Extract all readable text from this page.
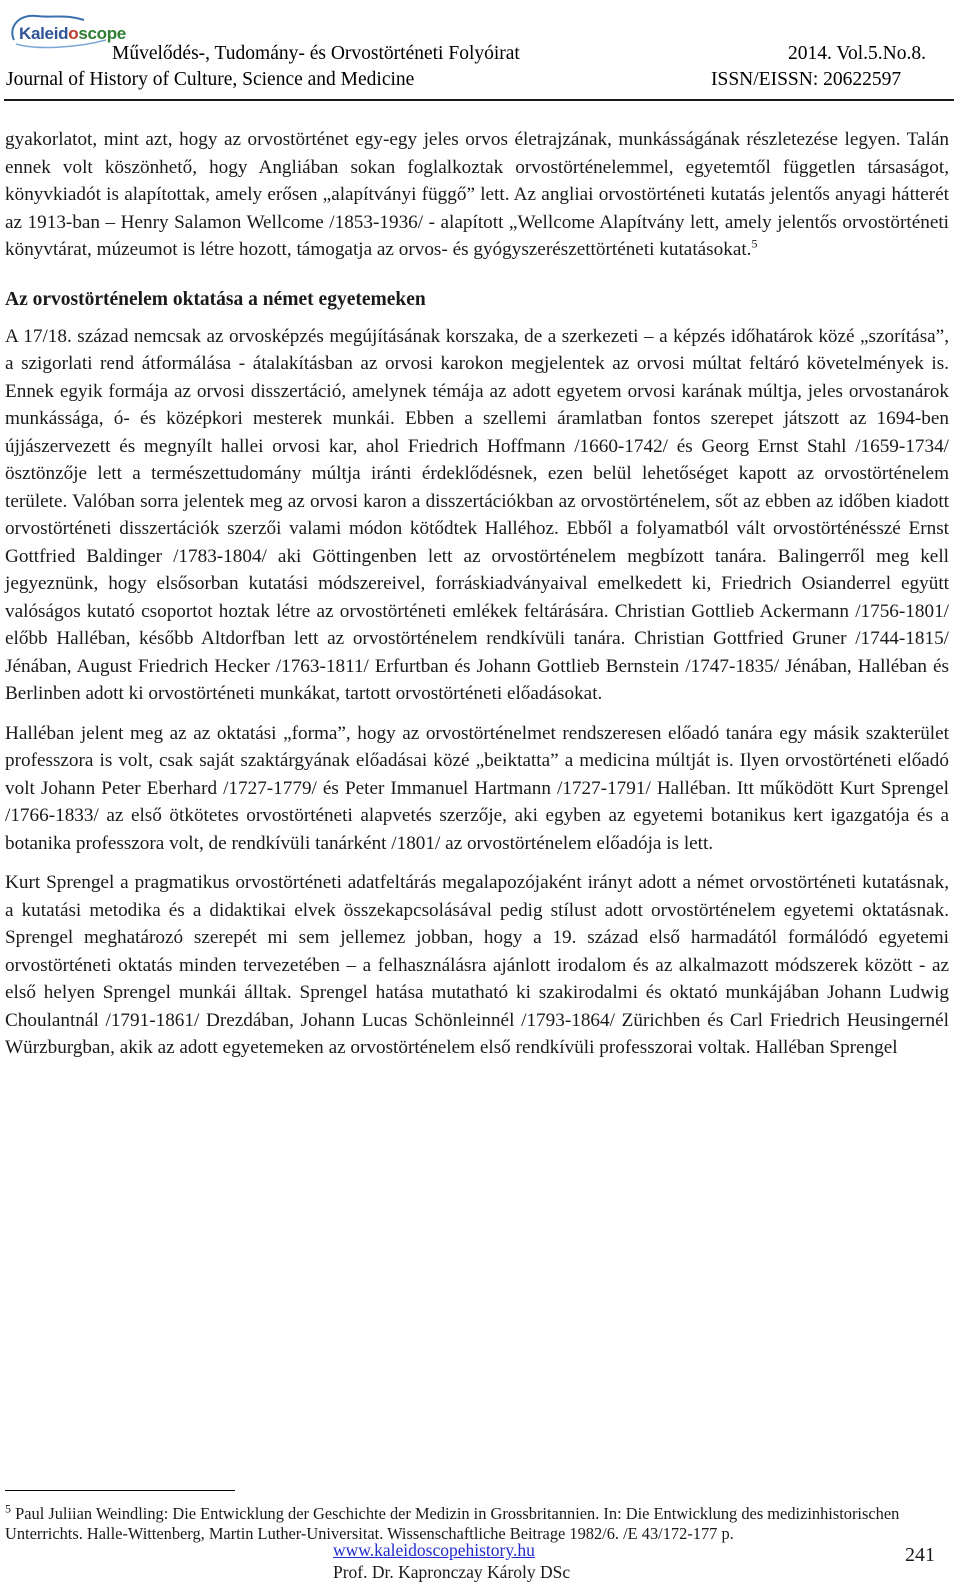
Kaleidoscope
Művelődés-, Tudomány- és Orvostörténeti Folyóirat
Journal of History of Culture, Science and Medicine
2014. Vol.5.No.8.
ISSN/EISSN: 20622597

gyakorlatot, mint azt, hogy az orvostörténet egy-egy jeles orvos életrajzának, munkásságának részletezése legyen. Talán ennek volt köszönhető, hogy Angliában sokan foglalkoztak orvostörténelemmel, egyetemtől független társaságot, könyvkiadót is alapítottak, amely erősen „alapítványi függő” lett. Az angliai orvostörténeti kutatás jelentős anyagi hátterét az 1913-ban – Henry Salamon Wellcome /1853-1936/ - alapított „Wellcome Alapítvány lett, amely jelentős orvostörténeti könyvtárat, múzeumot is létre hozott, támogatja az orvos- és gyógyszerészettörténeti kutatásokat.$^5$

Az orvostörténelem oktatása a német egyetemeken

A 17/18. század nemcsak az orvosképzés megújításának korszaka, de a szerkezeti – a képzés időhatárok közé „szorítása”, a szigorlati rend átformálása - átalakításban az orvosi karokon megjelentek az orvosi múltat feltáró követelmények is. Ennek egyik formája az orvosi disszertáció, amelynek témája az adott egyetem orvosi karának múltja, jeles orvostanárok munkássága, ó- és középkori mesterek munkái. Ebben a szellemi áramlatban fontos szerepet játszott az 1694-ben újjászervezett és megnyílt hallei orvosi kar, ahol Friedrich Hoffmann /1660-1742/ és Georg Ernst Stahl /1659-1734/ ösztönzője lett a természettudomány múltja iránti érdeklődésnek, ezen belül lehetőséget kapott az orvostörténelem területe. Valóban sorra jelentek meg az orvosi karon a disszertációkban az orvostörténelem, sőt az ebben az időben kiadott orvostörténeti disszertációk szerzői valami módon kötődtek Halléhoz. Ebből a folyamatból vált orvostörténésszé Ernst Gottfried Baldinger /1783-1804/ aki Göttingenben lett az orvostörténelem megbízott tanára. Balingerről meg kell jegyeznünk, hogy elsősorban kutatási módszereivel, forráskiadványaival emelkedett ki, Friedrich Osianderrel együtt valóságos kutató csoportot hoztak létre az orvostörténeti emlékek feltárására. Christian Gottlieb Ackermann /1756-1801/ előbb Halléban, később Altdorfban lett az orvostörténelem rendkívüli tanára. Christian Gottfried Gruner /1744-1815/ Jénában, August Friedrich Hecker /1763-1811/ Erfurtban és Johann Gottlieb Bernstein /1747-1835/ Jénában, Halléban és Berlinben adott ki orvostörténeti munkákat, tartott orvostörténeti előadásokat.

Halléban jelent meg az az oktatási „forma”, hogy az orvostörténelmet rendszeresen előadó tanára egy másik szakterület professzora is volt, csak saját szaktárgyának előadásai közé „beiktatta” a medicina múltját is. Ilyen orvostörténeti előadó volt Johann Peter Eberhard /1727-1779/ és Peter Immanuel Hartmann /1727-1791/ Halléban. Itt működött Kurt Sprengel /1766-1833/ az első ötkötetes orvostörténeti alapvetés szerzője, aki egyben az egyetemi botanikus kert igazgatója és a botanika professzora volt, de rendkívüli tanárként /1801/ az orvostörténelem előadója is lett.

Kurt Sprengel a pragmatikus orvostörténeti adatfeltárás megalapozójaként irányt adott a német orvostörténeti kutatásnak, a kutatási metodika és a didaktikai elvek összekapcsolásával pedig stílust adott orvostörténelem egyetemi oktatásnak. Sprengel meghatározó szerepét mi sem jellemez jobban, hogy a 19. század első harmadától formálódó egyetemi orvostörténeti oktatás minden tervezetében – a felhasználásra ajánlott irodalom és az alkalmazott módszerek között - az első helyen Sprengel munkái álltak. Sprengel hatása mutatható ki szakirodalmi és oktató munkájában Johann Ludwig Choulantnál /1791-1861/ Drezdában, Johann Lucas Schönleinnél /1793-1864/ Zürichben és Carl Friedrich Heusingernél Würzburgban, akik az adott egyetemeken az orvostörténelem első rendkívüli professzorai voltak. Halléban Sprengel

$^5$ Paul Juliian Weindling: Die Entwicklung der Geschichte der Medizin in Grossbritannien. In: Die Entwicklung des medizinhistorischen Unterrichts. Halle-Wittenberg, Martin Luther-Universitat. Wissenschaftliche Beitrage 1982/6. /E 43/172-177 p.
www.kaleidoscopehistory.hu
Prof. Dr. Kapronczay Károly DSc
241
